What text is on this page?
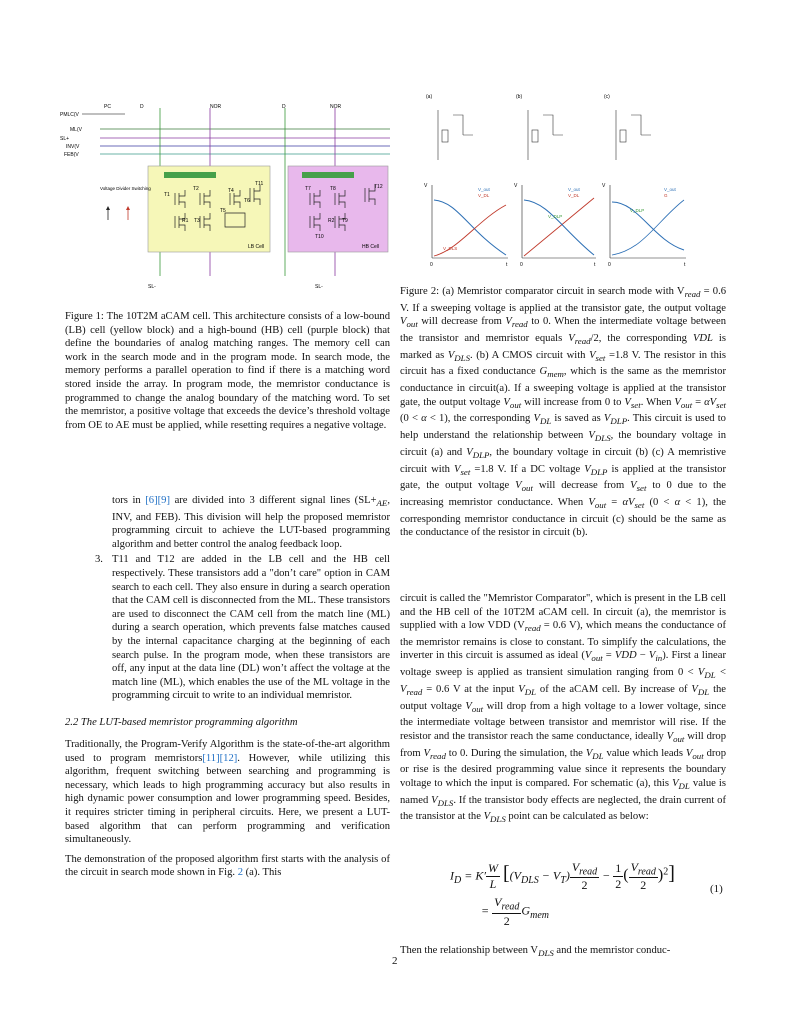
PC	D	NOR	D	NOR
PMLC(V
ML(V
SL+
INV(V
FEB(V
T1
T2
R1 T3
T4
T5
T6
T11
T7	T8
R2 T9
T10
T12
LB Cell	HB Cell
Voltage Divider Switching
SL-	SL-
(a)	(b)	(c)
V
t
0
V_out
V_DL
V_DLS
V
t
0
V_out
V_DL
V_DLP
V
t
0
V_out
G
V_DLP
Figure 1: The 10T2M aCAM cell. This architecture consists of a low-bound (LB) cell (yellow block) and a high-bound (HB) cell (purple block) that define the boundaries of analog matching ranges. The memory cell can work in the search mode and in the program mode. In search mode, the memory performs a parallel operation to find if there is a matching word stored inside the array. In program mode, the memristor conductance is programmed to change the analog boundary of the matching word. To set the memristor, a positive voltage that exceeds the device’s threshold voltage from OE to AE must be applied, while resetting requires a negative voltage.
Figure 2: (a) Memristor comparator circuit in search mode with $V_{read} = 0.6$ V. If a sweeping voltage is applied at the transistor gate, the output voltage $V_{out}$ will decrease from $V_{read}$ to 0. When the intermediate voltage between the transistor and memristor equals $V_{read}/2$, the corresponding VDL is marked as $V_{DLS}$. (b) A CMOS circuit with $V_{set} =1.8$ V. The resistor in this circuit has a fixed conductance $G_{mem}$, which is the same as the memristor conductance in circuit(a). If a sweeping voltage is applied at the transistor gate, the output voltage $V_{out}$ will increase from 0 to $V_{set}$. When $V_{out} = \alpha V_{set}$ (0 < α < 1), the corresponding $V_{DL}$ is saved as $V_{DLP}$. This circuit is used to help understand the relationship between $V_{DLS}$, the boundary voltage in circuit (a) and $V_{DLP}$, the boundary voltage in circuit (b) (c) A memristive circuit with $V_{set} =1.8$ V. If a DC voltage $V_{DLP}$ is applied at the transistor gate, the output voltage $V_{out}$ will decrease from $V_{set}$ to 0 due to the increasing memristor conductance. When $V_{out} = \alpha V_{set}$ (0 < α < 1), the corresponding memristor conductance in circuit (c) should be the same as the conductance of the resistor in circuit (b).

tors in [6][9] are divided into 3 different signal lines ($SL+_{AE}$, INV, and FEB). This division will help the proposed memristor programming circuit to achieve the LUT-based programming algorithm and better control the analog feedback loop.

3. T11 and T12 are added in the LB cell and the HB cell respectively. These transistors add a "don’t care" option in CAM search to each cell. They also ensure in during a search operation that the CAM cell is disconnected from the ML. These transistors are used to disconnect the CAM cell from the match line (ML) during a search operation, which prevents false matches caused by the internal capacitance charging at the beginning of each search pulse. In the program mode, when these transistors are off, any input at the data line (DL) won’t affect the voltage at the match line (ML), which enables the use of the ML voltage in the programming circuit to write to an individual memristor.

2.2 The LUT-based memristor programming algorithm

Traditionally, the Program-Verify Algorithm is the state-of-the-art algorithm used to program memristors[11][12]. However, while utilizing this algorithm, frequent switching between searching and programming is necessary, which leads to high programming accuracy but also results in high dynamic power consumption and lower programming speed. Besides, it requires stricter timing in peripheral circuits. Here, we present a LUT-based algorithm that can perform programming and verification simultaneously.

The demonstration of the proposed algorithm first starts with the analysis of the circuit in search mode shown in Fig. 2 (a). This

circuit is called the "Memristor Comparator", which is present in the LB cell and the HB cell of the 10T2M aCAM cell. In circuit (a), the memristor is supplied with a low VDD ($V_{read} = 0.6$ V), which means the conductance of the memristor remains is close to constant. To simplify the calculations, the inverter in this circuit is assumed as ideal ($V_{out}$ = VDD − $V_{in}$). First a linear voltage sweep is applied as transient simulation ranging from $0 < V_{DL} < V_{read} = 0.6$ V at the input $V_{DL}$ of the aCAM cell. By increase of $V_{DL}$ the output voltage $V_{out}$ will drop from a high voltage to a lower voltage, since the intermediate voltage between transistor and memristor will rise. If the resistor and the transistor reach the same conductance, ideally $V_{out}$ will drop from $V_{read}$ to 0. During the simulation, the $V_{DL}$ value which leads $V_{out}$ drop or rise is the desired programming value since it represents the boundary voltage to which the input is compared. For schematic (a), this $V_{DL}$ value is named $V_{DLS}$. If the transistor body effects are neglected, the drain current of the transistor at the $V_{DLS}$ point can be calculated as below:

$I_D = K' \frac{W}{L} [(V_{DLS} - V_T)$
$V_{read}$
2
− $\frac{1}{2}$ ( $V_{read}$
2
)$^2$]
=
$V_{read}$
2
$G_{mem}$
(1)
Then the relationship between $V_{DLS}$ and the memristor conduc-
2
